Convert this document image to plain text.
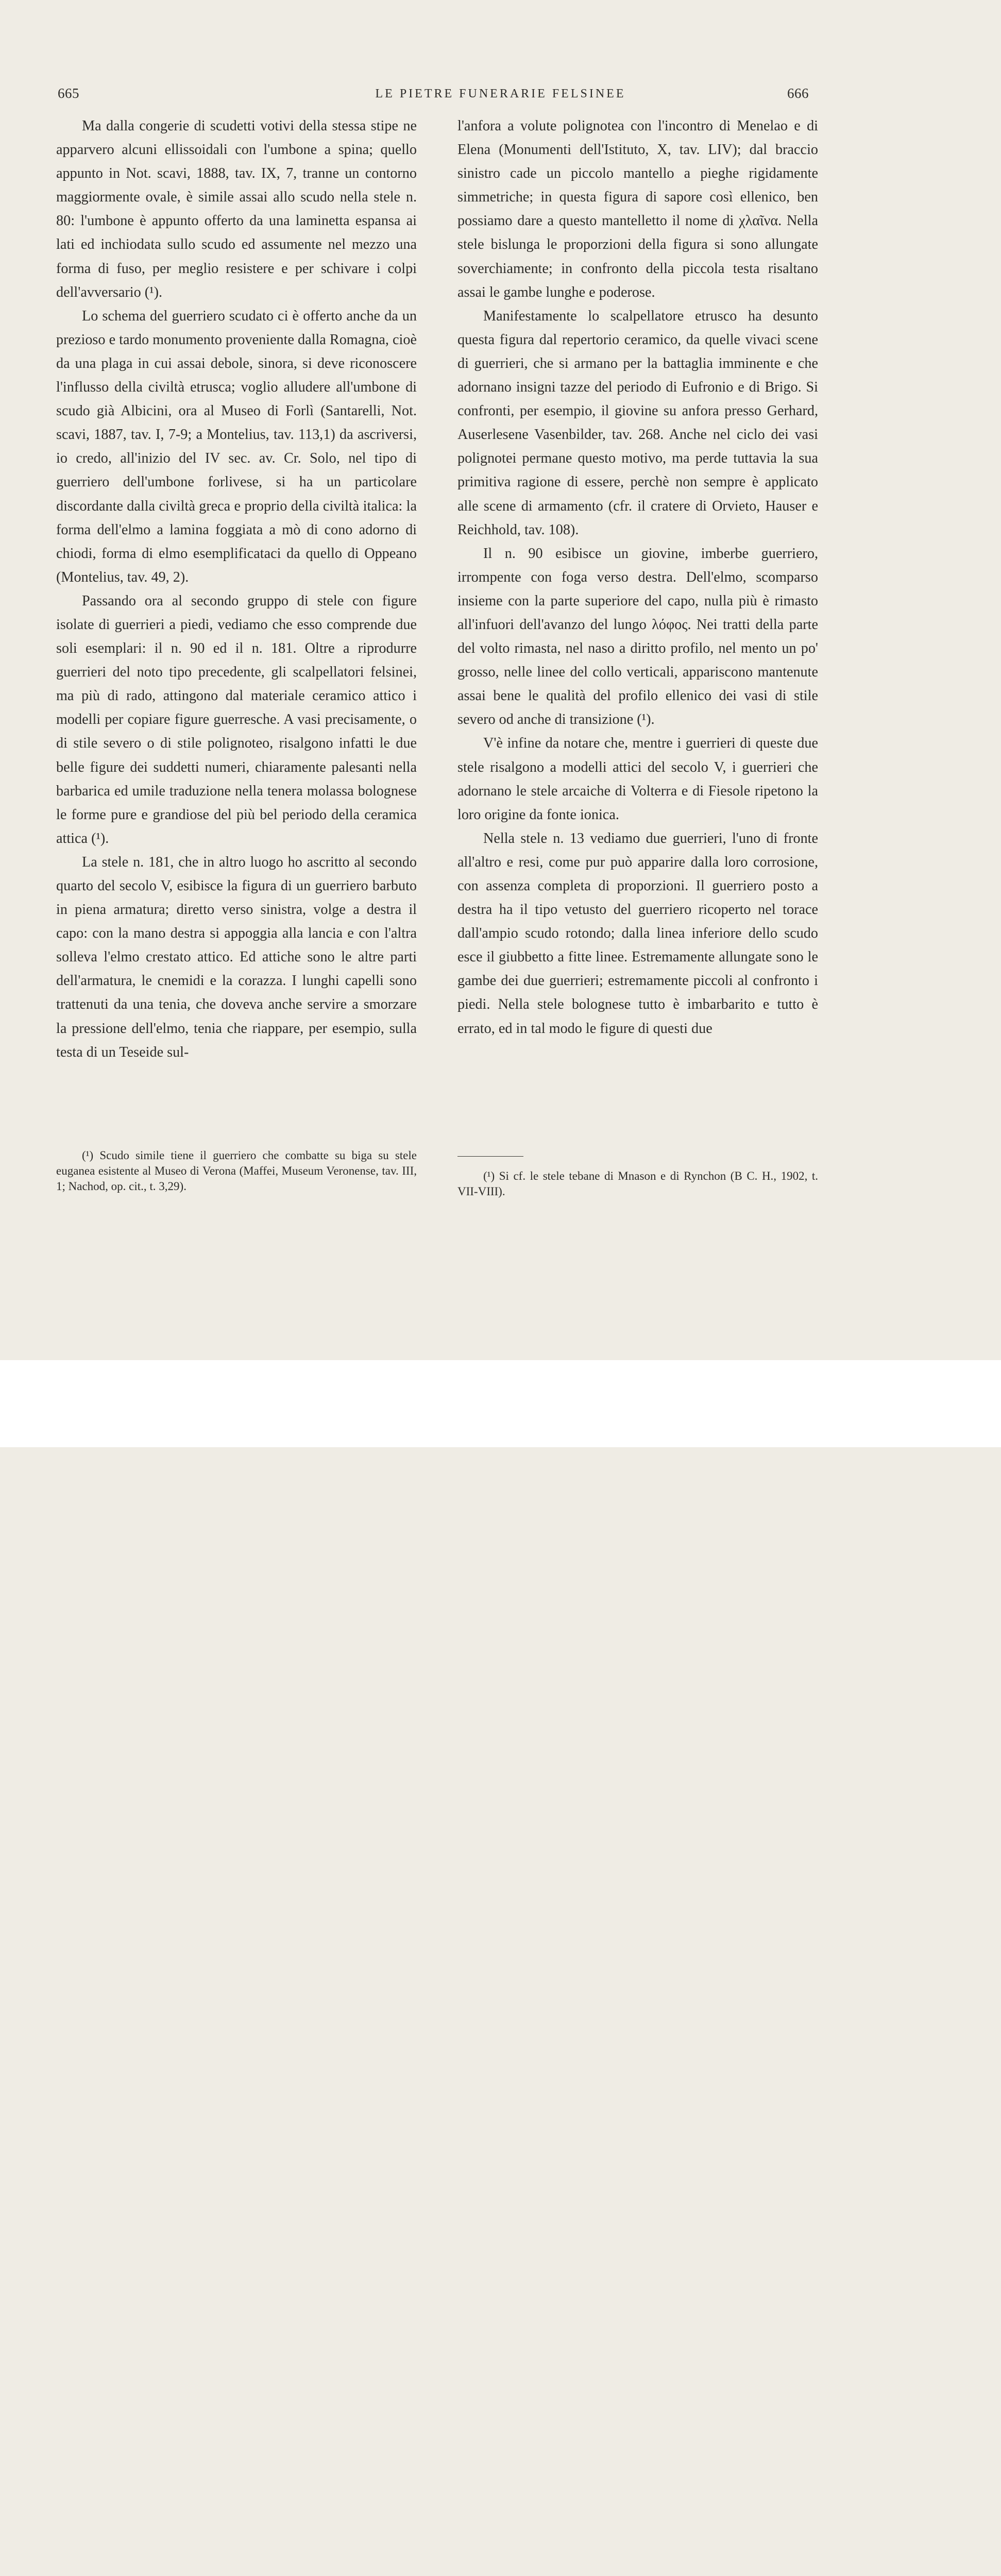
665	LE PIETRE FUNERARIE FELSINEE	666

Ma dalla congerie di scudetti votivi della stessa stipe ne apparvero alcuni ellissoidali con l'umbone a spina; quello appunto in Not. scavi, 1888, tav. IX, 7, tranne un contorno maggiormente ovale, è simile assai allo scudo nella stele n. 80: l'umbone è appunto offerto da una laminetta espansa ai lati ed inchiodata sullo scudo ed assumente nel mezzo una forma di fuso, per meglio resistere e per schivare i colpi dell'avversario (¹).

Lo schema del guerriero scudato ci è offerto anche da un prezioso e tardo monumento proveniente dalla Romagna, cioè da una plaga in cui assai debole, sinora, si deve riconoscere l'influsso della civiltà etrusca; voglio alludere all'umbone di scudo già Albicini, ora al Museo di Forlì (Santarelli, Not. scavi, 1887, tav. I, 7-9; a Montelius, tav. 113,1) da ascriversi, io credo, all'inizio del IV sec. av. Cr. Solo, nel tipo di guerriero dell'umbone forlivese, si ha un particolare discordante dalla civiltà greca e proprio della civiltà italica: la forma dell'elmo a lamina foggiata a mò di cono adorno di chiodi, forma di elmo esemplificataci da quello di Oppeano (Montelius, tav. 49, 2).

Passando ora al secondo gruppo di stele con figure isolate di guerrieri a piedi, vediamo che esso comprende due soli esemplari: il n. 90 ed il n. 181. Oltre a riprodurre guerrieri del noto tipo precedente, gli scalpellatori felsinei, ma più di rado, attingono dal materiale ceramico attico i modelli per copiare figure guerresche. A vasi precisamente, o di stile severo o di stile polignoteo, risalgono infatti le due belle figure dei suddetti numeri, chiaramente palesanti nella barbarica ed umile traduzione nella tenera molassa bolognese le forme pure e grandiose del più bel periodo della ceramica attica (¹).

La stele n. 181, che in altro luogo ho ascritto al secondo quarto del secolo V, esibisce la figura di un guerriero barbuto in piena armatura; diretto verso sinistra, volge a destra il capo: con la mano destra si appoggia alla lancia e con l'altra solleva l'elmo crestato attico. Ed attiche sono le altre parti dell'armatura, le cnemidi e la corazza. I lunghi capelli sono trattenuti da una tenia, che doveva anche servire a smorzare la pressione dell'elmo, tenia che riappare, per esempio, sulla testa di un Teseide sul-

l'anfora a volute polignotea con l'incontro di Menelao e di Elena (Monumenti dell'Istituto, X, tav. LIV); dal braccio sinistro cade un piccolo mantello a pieghe rigidamente simmetriche; in questa figura di sapore così ellenico, ben possiamo dare a questo mantelletto il nome di χλαῖνα. Nella stele bislunga le proporzioni della figura si sono allungate soverchiamente; in confronto della piccola testa risaltano assai le gambe lunghe e poderose.

Manifestamente lo scalpellatore etrusco ha desunto questa figura dal repertorio ceramico, da quelle vivaci scene di guerrieri, che si armano per la battaglia imminente e che adornano insigni tazze del periodo di Eufronio e di Brigo. Si confronti, per esempio, il giovine su anfora presso Gerhard, Auserlesene Vasenbilder, tav. 268. Anche nel ciclo dei vasi polignotei permane questo motivo, ma perde tuttavia la sua primitiva ragione di essere, perchè non sempre è applicato alle scene di armamento (cfr. il cratere di Orvieto, Hauser e Reichhold, tav. 108).

Il n. 90 esibisce un giovine, imberbe guerriero, irrompente con foga verso destra. Dell'elmo, scomparso insieme con la parte superiore del capo, nulla più è rimasto all'infuori dell'avanzo del lungo λόφος. Nei tratti della parte del volto rimasta, nel naso a diritto profilo, nel mento un po' grosso, nelle linee del collo verticali, appariscono mantenute assai bene le qualità del profilo ellenico dei vasi di stile severo od anche di transizione (¹).

V'è infine da notare che, mentre i guerrieri di queste due stele risalgono a modelli attici del secolo V, i guerrieri che adornano le stele arcaiche di Volterra e di Fiesole ripetono la loro origine da fonte ionica.

Nella stele n. 13 vediamo due guerrieri, l'uno di fronte all'altro e resi, come pur può apparire dalla loro corrosione, con assenza completa di proporzioni. Il guerriero posto a destra ha il tipo vetusto del guerriero ricoperto nel torace dall'ampio scudo rotondo; dalla linea inferiore dello scudo esce il giubbetto a fitte linee. Estremamente allungate sono le gambe dei due guerrieri; estremamente piccoli al confronto i piedi. Nella stele bolognese tutto è imbarbarito e tutto è errato, ed in tal modo le figure di questi due

(¹) Scudo simile tiene il guerriero che combatte su biga su stele euganea esistente al Museo di Verona (Maffei, Museum Veronense, tav. III, 1; Nachod, op. cit., t. 3,29).
(¹) Si cf. le stele tebane di Mnason e di Rynchon (B C. H., 1902, t. VII-VIII).
